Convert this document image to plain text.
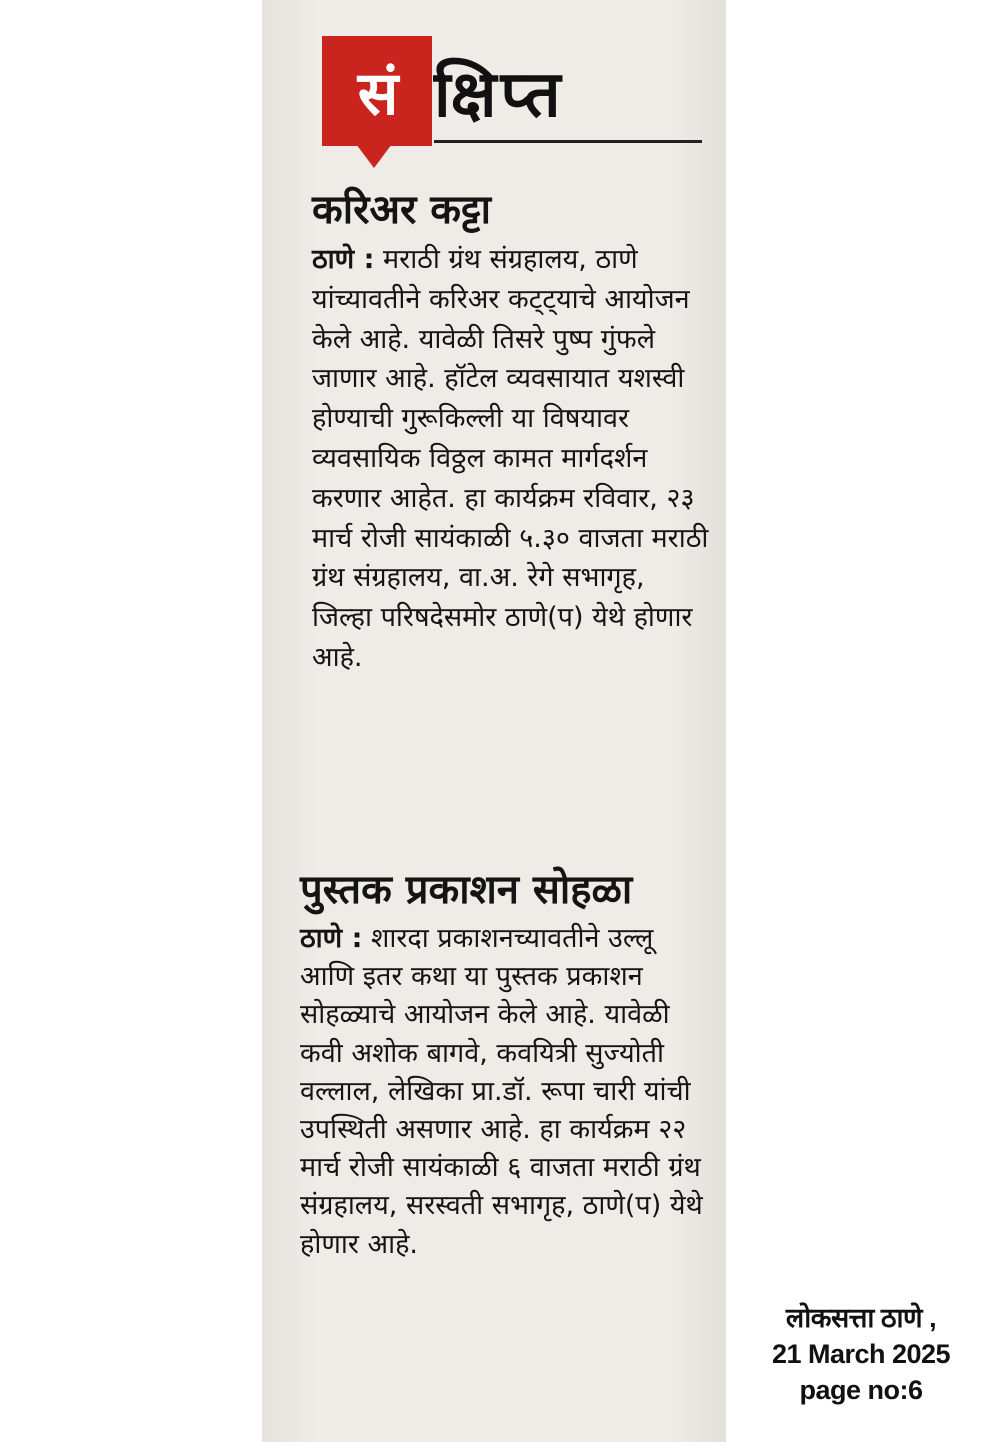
सं क्षिप्त
करिअर कट्टा

ठाणे : मराठी ग्रंथ संग्रहालय, ठाणे यांच्यावतीने करिअर कट्ट्याचे आयोजन केले आहे. यावेळी तिसरे पुष्प गुंफले जाणार आहे. हॉटेल व्यवसायात यशस्वी होण्याची गुरूकिल्ली या विषयावर व्यवसायिक विठ्ठल कामत मार्गदर्शन करणार आहेत. हा कार्यक्रम रविवार, २३ मार्च रोजी सायंकाळी ५.३० वाजता मराठी ग्रंथ संग्रहालय, वा.अ. रेगे सभागृह, जिल्हा परिषदेसमोर ठाणे(प) येथे होणार आहे.

पुस्तक प्रकाशन सोहळा

ठाणे : शारदा प्रकाशनच्यावतीने उल्लू आणि इतर कथा या पुस्तक प्रकाशन सोहळ्याचे आयोजन केले आहे. यावेळी कवी अशोक बागवे, कवयित्री सुज्योती वल्लाल, लेखिका प्रा.डॉ. रूपा चारी यांची उपस्थिती असणार आहे. हा कार्यक्रम २२ मार्च रोजी सायंकाळी ६ वाजता मराठी ग्रंथ संग्रहालय, सरस्वती सभागृह, ठाणे(प) येथे होणार आहे.

लोकसत्ता ठाणे ,
21 March 2025
page no:6
